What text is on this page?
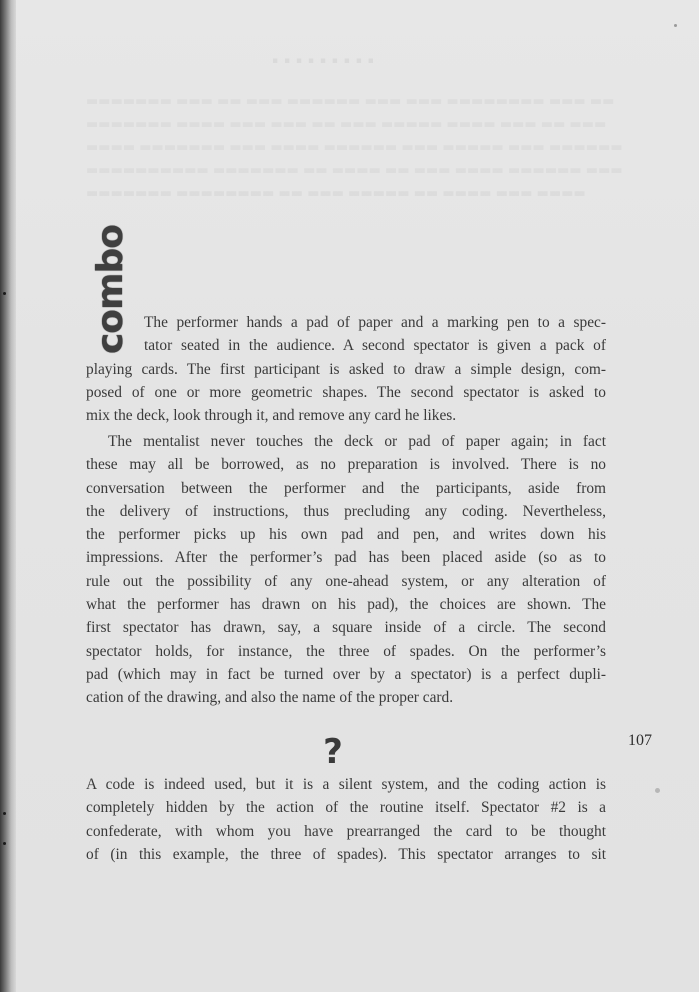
▪ ▪ ▪ ▪ ▪ ▪ ▪ ▪ ▪

combo The performer hands a pad of paper and a marking pen to a spec-
tator seated in the audience. A second spectator is given a pack of
playing cards. The first participant is asked to draw a simple design, com-
posed of one or more geometric shapes. The second spectator is asked to
mix the deck, look through it, and remove any card he likes.
The mentalist never touches the deck or pad of paper again; in fact
these may all be borrowed, as no preparation is involved. There is no
conversation between the performer and the participants, aside from
the delivery of instructions, thus precluding any coding. Nevertheless,
the performer picks up his own pad and pen, and writes down his
impressions. After the performer’s pad has been placed aside (so as to
rule out the possibility of any one-ahead system, or any alteration of
what the performer has drawn on his pad), the choices are shown. The
first spectator has drawn, say, a square inside of a circle. The second
spectator holds, for instance, the three of spades. On the performer’s
pad (which may in fact be turned over by a spectator) is a perfect dupli-
cation of the drawing, and also the name of the proper card.
?	107
A code is indeed used, but it is a silent system, and the coding action is
completely hidden by the action of the routine itself. Spectator #2 is a
confederate, with whom you have prearranged the card to be thought
of (in this example, the three of spades). This spectator arranges to sit
